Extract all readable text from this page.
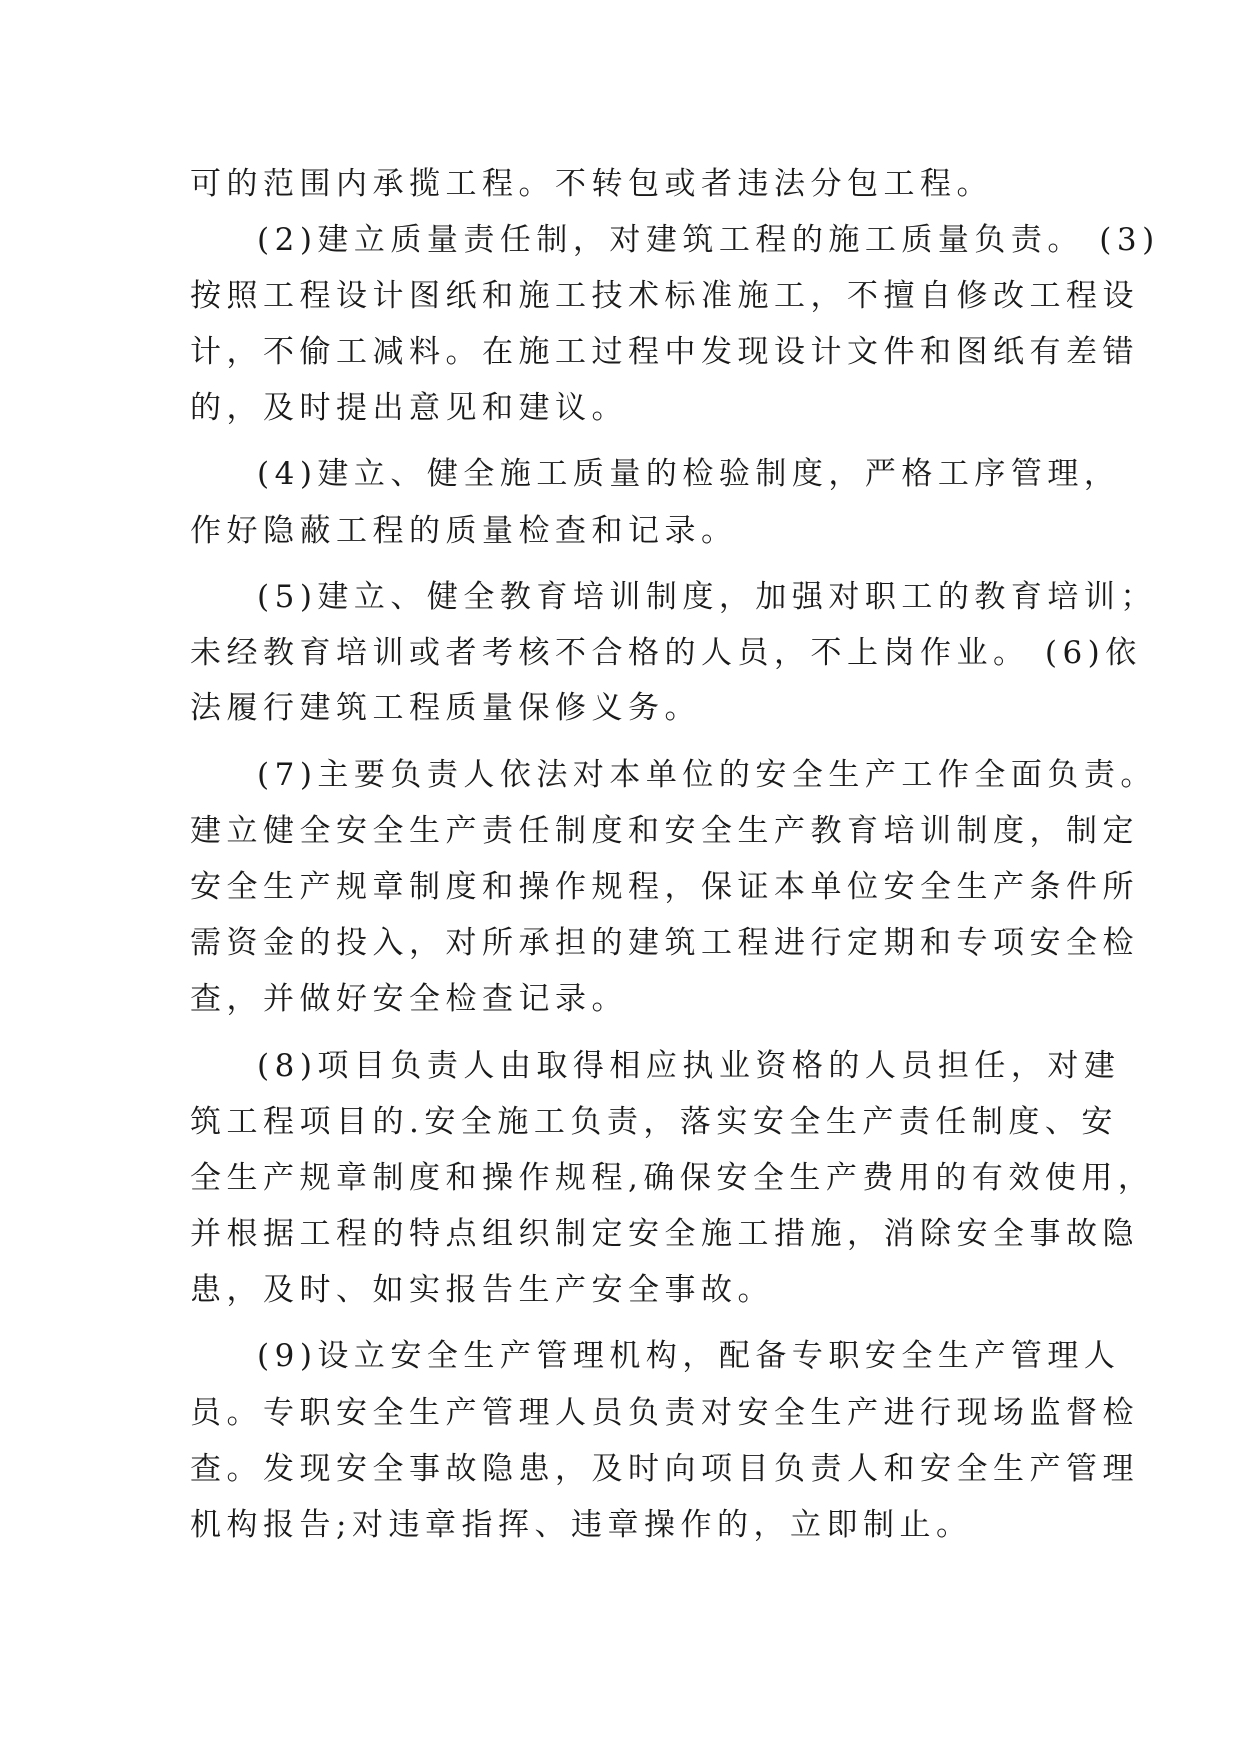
可的范围内承揽工程。不转包或者违法分包工程。
(2)建立质量责任制，对建筑工程的施工质量负责。 (3)
按照工程设计图纸和施工技术标准施工，不擅自修改工程设
计，不偷工减料。在施工过程中发现设计文件和图纸有差错
的，及时提出意见和建议。
(4)建立、健全施工质量的检验制度，严格工序管理，
作好隐蔽工程的质量检查和记录。
(5)建立、健全教育培训制度，加强对职工的教育培训；
未经教育培训或者考核不合格的人员，不上岗作业。 (6)依
法履行建筑工程质量保修义务。
(7)主要负责人依法对本单位的安全生产工作全面负责。
建立健全安全生产责任制度和安全生产教育培训制度，制定
安全生产规章制度和操作规程，保证本单位安全生产条件所
需资金的投入，对所承担的建筑工程进行定期和专项安全检
查，并做好安全检查记录。
(8)项目负责人由取得相应执业资格的人员担任，对建
筑工程项目的.安全施工负责，落实安全生产责任制度、安
全生产规章制度和操作规程,确保安全生产费用的有效使用，
并根据工程的特点组织制定安全施工措施，消除安全事故隐
患，及时、如实报告生产安全事故。
(9)设立安全生产管理机构，配备专职安全生产管理人
员。专职安全生产管理人员负责对安全生产进行现场监督检
查。发现安全事故隐患，及时向项目负责人和安全生产管理
机构报告;对违章指挥、违章操作的，立即制止。
